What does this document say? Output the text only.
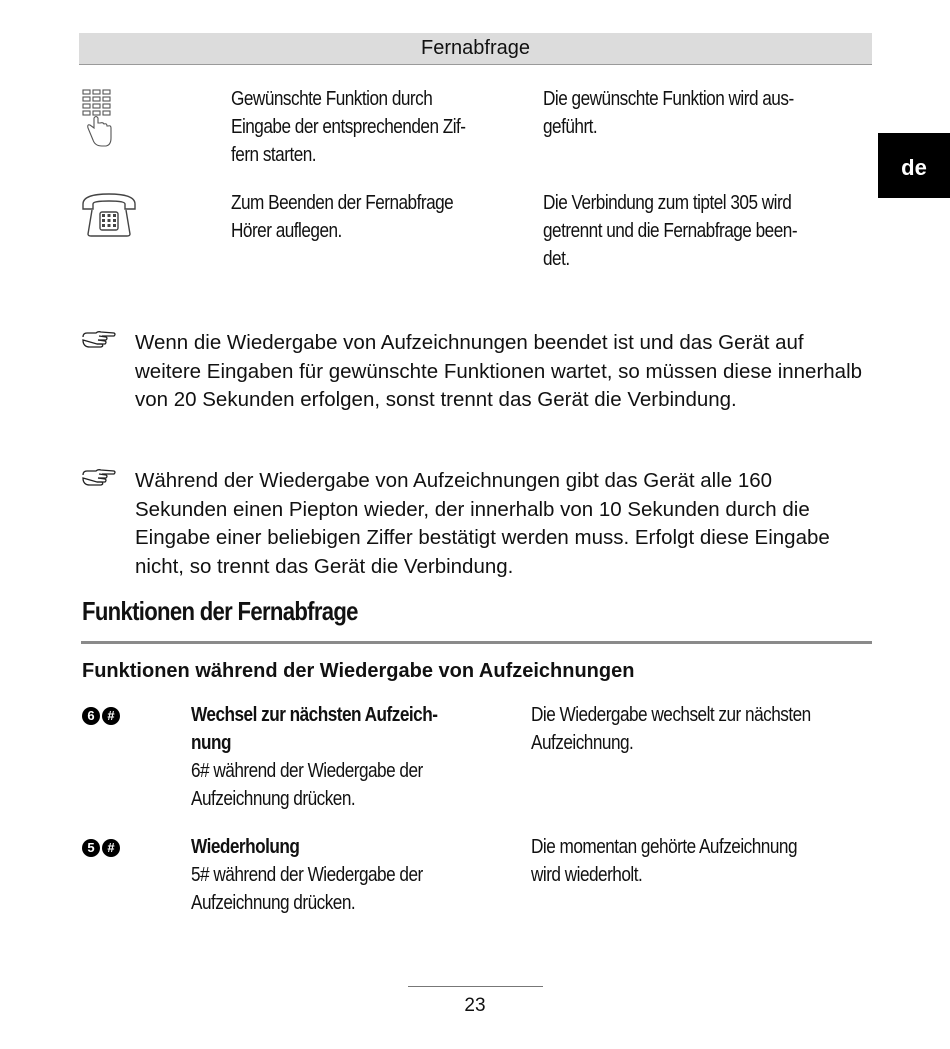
Fernabfrage
de
Gewünschte Funktion durch
Eingabe der entsprechenden Zif-
fern starten.
Die gewünschte Funktion wird aus-
geführt.
Zum Beenden der Fernabfrage
Hörer auflegen.
Die Verbindung zum tiptel 305 wird
getrennt und die Fernabfrage been-
det.
Wenn die Wiedergabe von Aufzeichnungen beendet ist und das Gerät auf weitere Eingaben für gewünschte Funktionen wartet, so müssen diese innerhalb von 20 Sekunden erfolgen, sonst trennt das Gerät die Verbindung.
Während der Wiedergabe von Aufzeichnungen gibt das Gerät alle 160 Sekunden einen Piepton wieder, der innerhalb von 10 Sekunden durch die Eingabe einer beliebigen Ziffer bestätigt werden muss. Erfolgt diese Eingabe nicht, so trennt das Gerät die Verbindung.
Funktionen der Fernabfrage
Funktionen während der Wiedergabe von Aufzeichnungen
6 #	Wechsel zur nächsten Aufzeich-
nung
6# während der Wiedergabe der
Aufzeichnung drücken.
Die Wiedergabe wechselt zur nächsten
Aufzeichnung.
5 #	Wiederholung
5# während der Wiedergabe der
Aufzeichnung drücken.
Die momentan gehörte Aufzeichnung
wird wiederholt.
23
